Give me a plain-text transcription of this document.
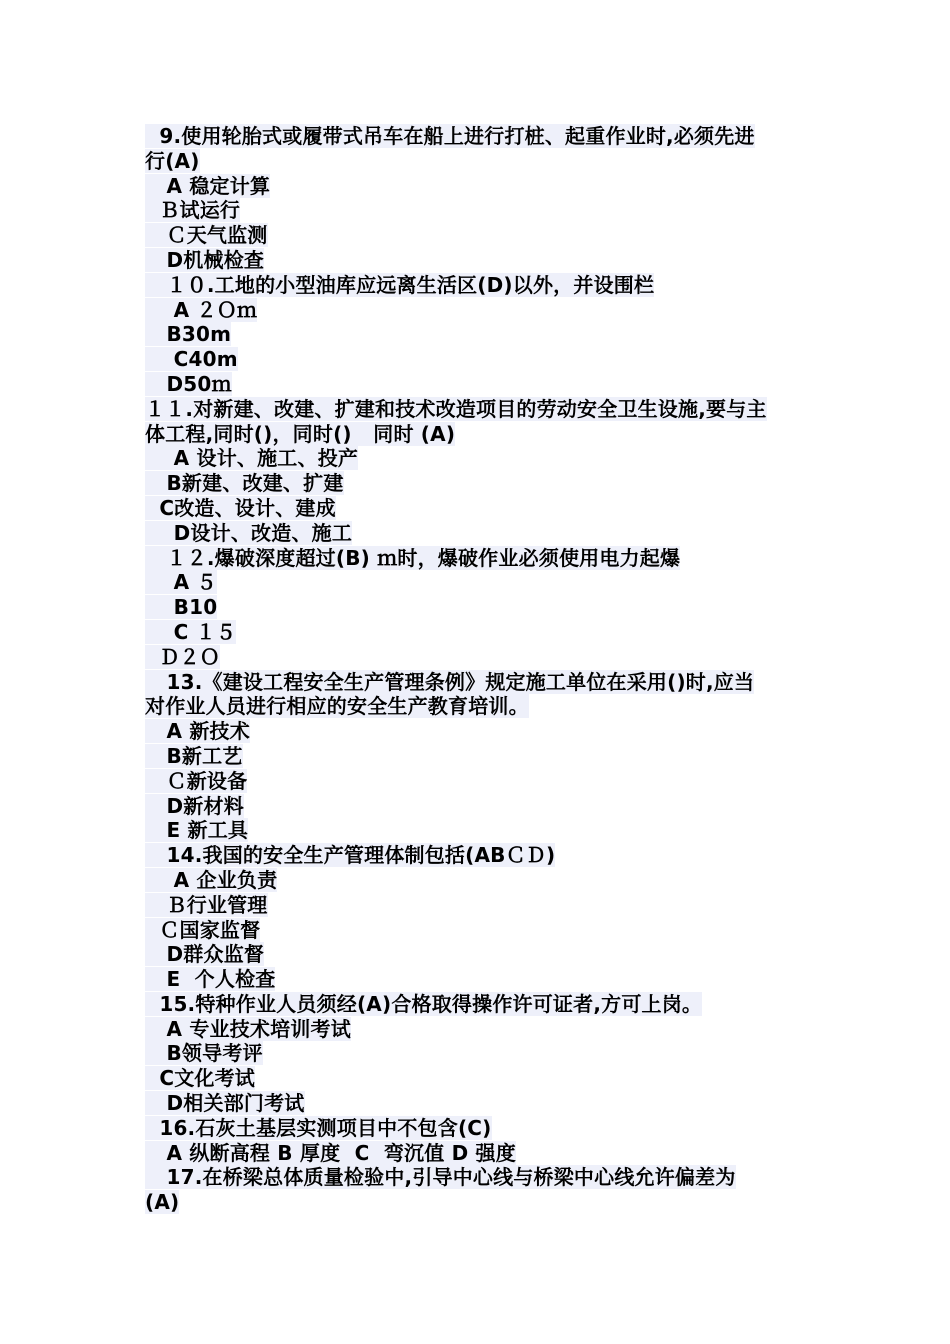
9.使用轮胎式或履带式吊车在船上进行打桩、起重作业时,必须先进
行(A)
A 稳定计算
Ｂ试运行
Ｃ天气监测
D机械检查
１０.工地的小型油库应远离生活区(D)以外，并设围栏
A ２Ｏｍ
B30m
C40m
D50ｍ
１１.对新建、改建、扩建和技术改造项目的劳动安全卫生设施,要与主
体工程,同时()，同时()   同时 (A)
A 设计、施工、投产
B新建、改建、扩建
C改造、设计、建成
D设计、改造、施工
１２.爆破深度超过(B) ｍ时，爆破作业必须使用电力起爆
A ５
B10
C １５
Ｄ２Ｏ
13.《建设工程安全生产管理条例》规定施工单位在采用()时,应当
对作业人员进行相应的安全生产教育培训。
A 新技术
B新工艺
Ｃ新设备
D新材料
E 新工具
14.我国的安全生产管理体制包括(ABＣＤ)
A 企业负责
Ｂ行业管理
Ｃ国家监督
D群众监督
E  个人检查
15.特种作业人员须经(A)合格取得操作许可证者,方可上岗。
A 专业技术培训考试
B领导考评
C文化考试
D相关部门考试
16.石灰土基层实测项目中不包含(C)
A 纵断高程 B 厚度  C  弯沉值 D 强度
17.在桥梁总体质量检验中,引导中心线与桥梁中心线允许偏差为
(A)
